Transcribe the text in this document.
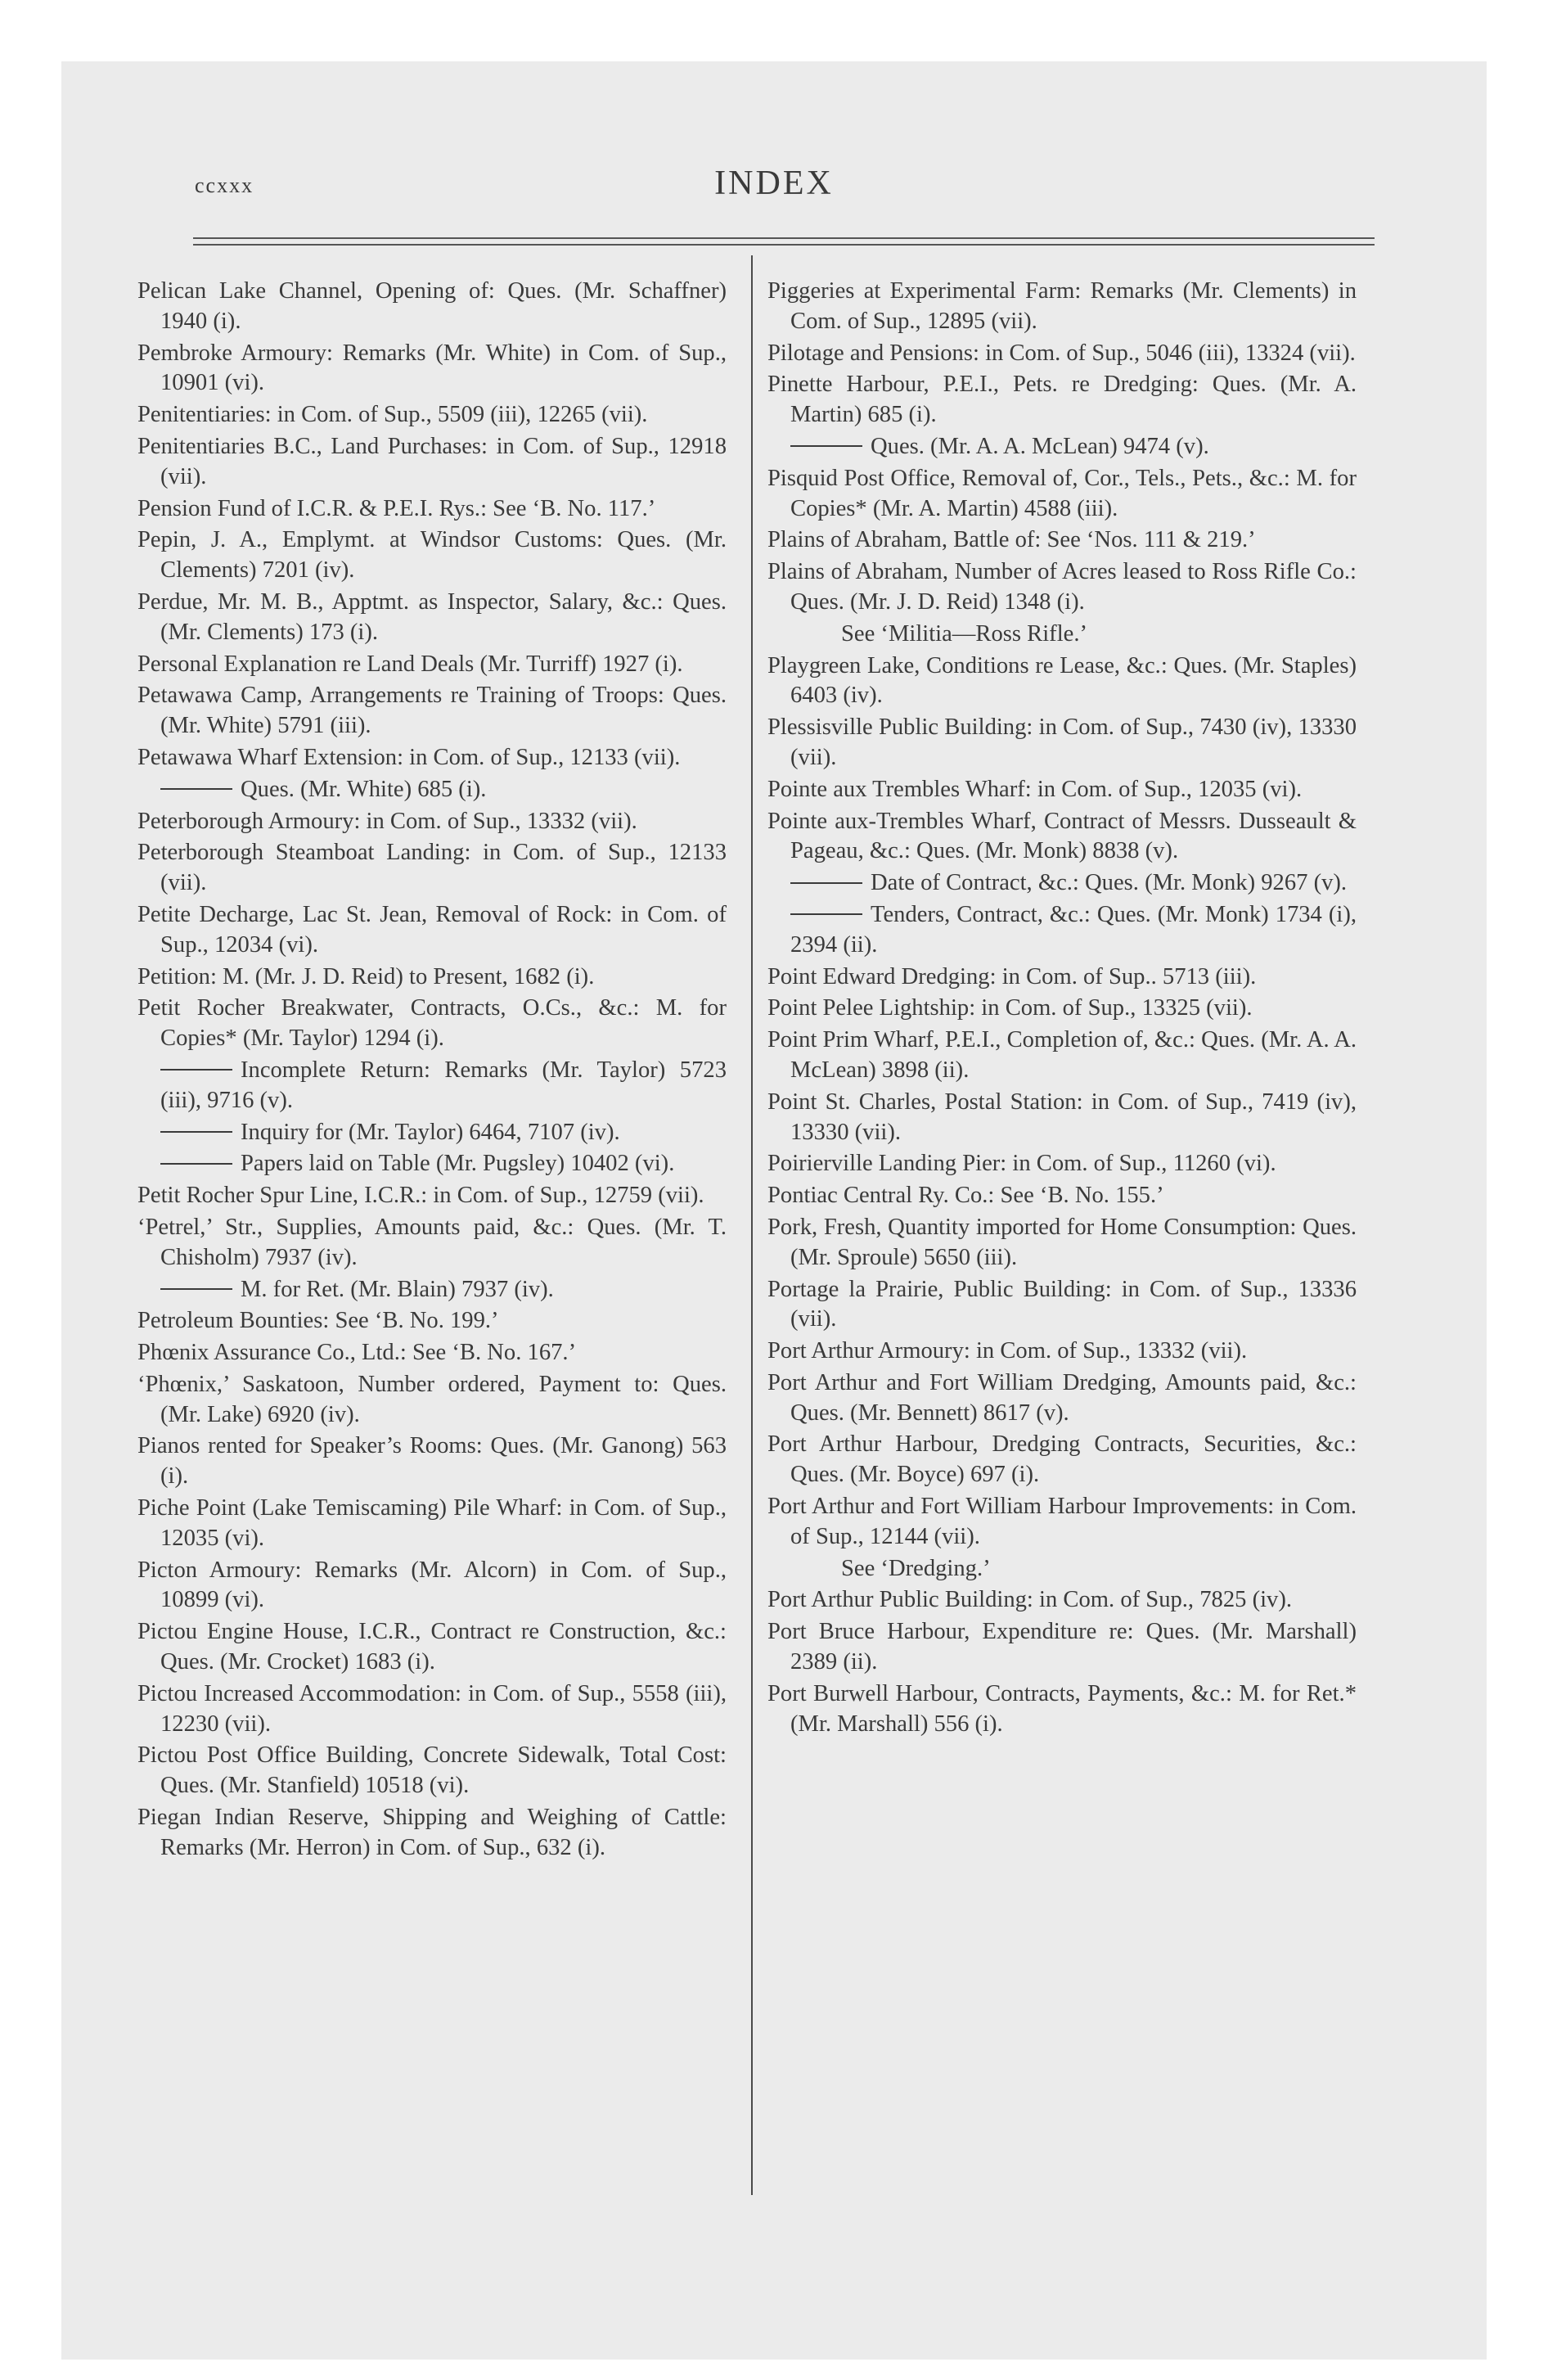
ccxxx	INDEX
Pelican Lake Channel, Opening of: Ques. (Mr. Schaffner) 1940 (i).
Pembroke Armoury: Remarks (Mr. White) in Com. of Sup., 10901 (vi).
Penitentiaries: in Com. of Sup., 5509 (iii), 12265 (vii).
Penitentiaries B.C., Land Purchases: in Com. of Sup., 12918 (vii).
Pension Fund of I.C.R. & P.E.I. Rys.: See ‘B. No. 117.’
Pepin, J. A., Emplymt. at Windsor Customs: Ques. (Mr. Clements) 7201 (iv).
Perdue, Mr. M. B., Apptmt. as Inspector, Salary, &c.: Ques. (Mr. Clements) 173 (i).
Personal Explanation re Land Deals (Mr. Turriff) 1927 (i).
Petawawa Camp, Arrangements re Training of Troops: Ques. (Mr. White) 5791 (iii).
Petawawa Wharf Extension: in Com. of Sup., 12133 (vii).
Ques. (Mr. White) 685 (i).
Peterborough Armoury: in Com. of Sup., 13332 (vii).
Peterborough Steamboat Landing: in Com. of Sup., 12133 (vii).
Petite Decharge, Lac St. Jean, Removal of Rock: in Com. of Sup., 12034 (vi).
Petition: M. (Mr. J. D. Reid) to Present, 1682 (i).
Petit Rocher Breakwater, Contracts, O.Cs., &c.: M. for Copies* (Mr. Taylor) 1294 (i).
Incomplete Return: Remarks (Mr. Taylor) 5723 (iii), 9716 (v).
Inquiry for (Mr. Taylor) 6464, 7107 (iv).
Papers laid on Table (Mr. Pugsley) 10402 (vi).
Petit Rocher Spur Line, I.C.R.: in Com. of Sup., 12759 (vii).
‘Petrel,’ Str., Supplies, Amounts paid, &c.: Ques. (Mr. T. Chisholm) 7937 (iv).
M. for Ret. (Mr. Blain) 7937 (iv).
Petroleum Bounties: See ‘B. No. 199.’
Phœnix Assurance Co., Ltd.: See ‘B. No. 167.’
‘Phœnix,’ Saskatoon, Number ordered, Payment to: Ques. (Mr. Lake) 6920 (iv).
Pianos rented for Speaker’s Rooms: Ques. (Mr. Ganong) 563 (i).
Piche Point (Lake Temiscaming) Pile Wharf: in Com. of Sup., 12035 (vi).
Picton Armoury: Remarks (Mr. Alcorn) in Com. of Sup., 10899 (vi).
Pictou Engine House, I.C.R., Contract re Construction, &c.: Ques. (Mr. Crocket) 1683 (i).
Pictou Increased Accommodation: in Com. of Sup., 5558 (iii), 12230 (vii).
Pictou Post Office Building, Concrete Sidewalk, Total Cost: Ques. (Mr. Stanfield) 10518 (vi).
Piegan Indian Reserve, Shipping and Weighing of Cattle: Remarks (Mr. Herron) in Com. of Sup., 632 (i).
Piggeries at Experimental Farm: Remarks (Mr. Clements) in Com. of Sup., 12895 (vii).
Pilotage and Pensions: in Com. of Sup., 5046 (iii), 13324 (vii).
Pinette Harbour, P.E.I., Pets. re Dredging: Ques. (Mr. A. Martin) 685 (i).
Ques. (Mr. A. A. McLean) 9474 (v).
Pisquid Post Office, Removal of, Cor., Tels., Pets., &c.: M. for Copies* (Mr. A. Martin) 4588 (iii).
Plains of Abraham, Battle of: See ‘Nos. 111 & 219.’
Plains of Abraham, Number of Acres leased to Ross Rifle Co.: Ques. (Mr. J. D. Reid) 1348 (i).
See ‘Militia—Ross Rifle.’
Playgreen Lake, Conditions re Lease, &c.: Ques. (Mr. Staples) 6403 (iv).
Plessisville Public Building: in Com. of Sup., 7430 (iv), 13330 (vii).
Pointe aux Trembles Wharf: in Com. of Sup., 12035 (vi).
Pointe aux-Trembles Wharf, Contract of Messrs. Dusseault & Pageau, &c.: Ques. (Mr. Monk) 8838 (v).
Date of Contract, &c.: Ques. (Mr. Monk) 9267 (v).
Tenders, Contract, &c.: Ques. (Mr. Monk) 1734 (i), 2394 (ii).
Point Edward Dredging: in Com. of Sup.. 5713 (iii).
Point Pelee Lightship: in Com. of Sup., 13325 (vii).
Point Prim Wharf, P.E.I., Completion of, &c.: Ques. (Mr. A. A. McLean) 3898 (ii).
Point St. Charles, Postal Station: in Com. of Sup., 7419 (iv), 13330 (vii).
Poirierville Landing Pier: in Com. of Sup., 11260 (vi).
Pontiac Central Ry. Co.: See ‘B. No. 155.’
Pork, Fresh, Quantity imported for Home Consumption: Ques. (Mr. Sproule) 5650 (iii).
Portage la Prairie, Public Building: in Com. of Sup., 13336 (vii).
Port Arthur Armoury: in Com. of Sup., 13332 (vii).
Port Arthur and Fort William Dredging, Amounts paid, &c.: Ques. (Mr. Bennett) 8617 (v).
Port Arthur Harbour, Dredging Contracts, Securities, &c.: Ques. (Mr. Boyce) 697 (i).
Port Arthur and Fort William Harbour Improvements: in Com. of Sup., 12144 (vii).
See ‘Dredging.’
Port Arthur Public Building: in Com. of Sup., 7825 (iv).
Port Bruce Harbour, Expenditure re: Ques. (Mr. Marshall) 2389 (ii).
Port Burwell Harbour, Contracts, Payments, &c.: M. for Ret.* (Mr. Marshall) 556 (i).
